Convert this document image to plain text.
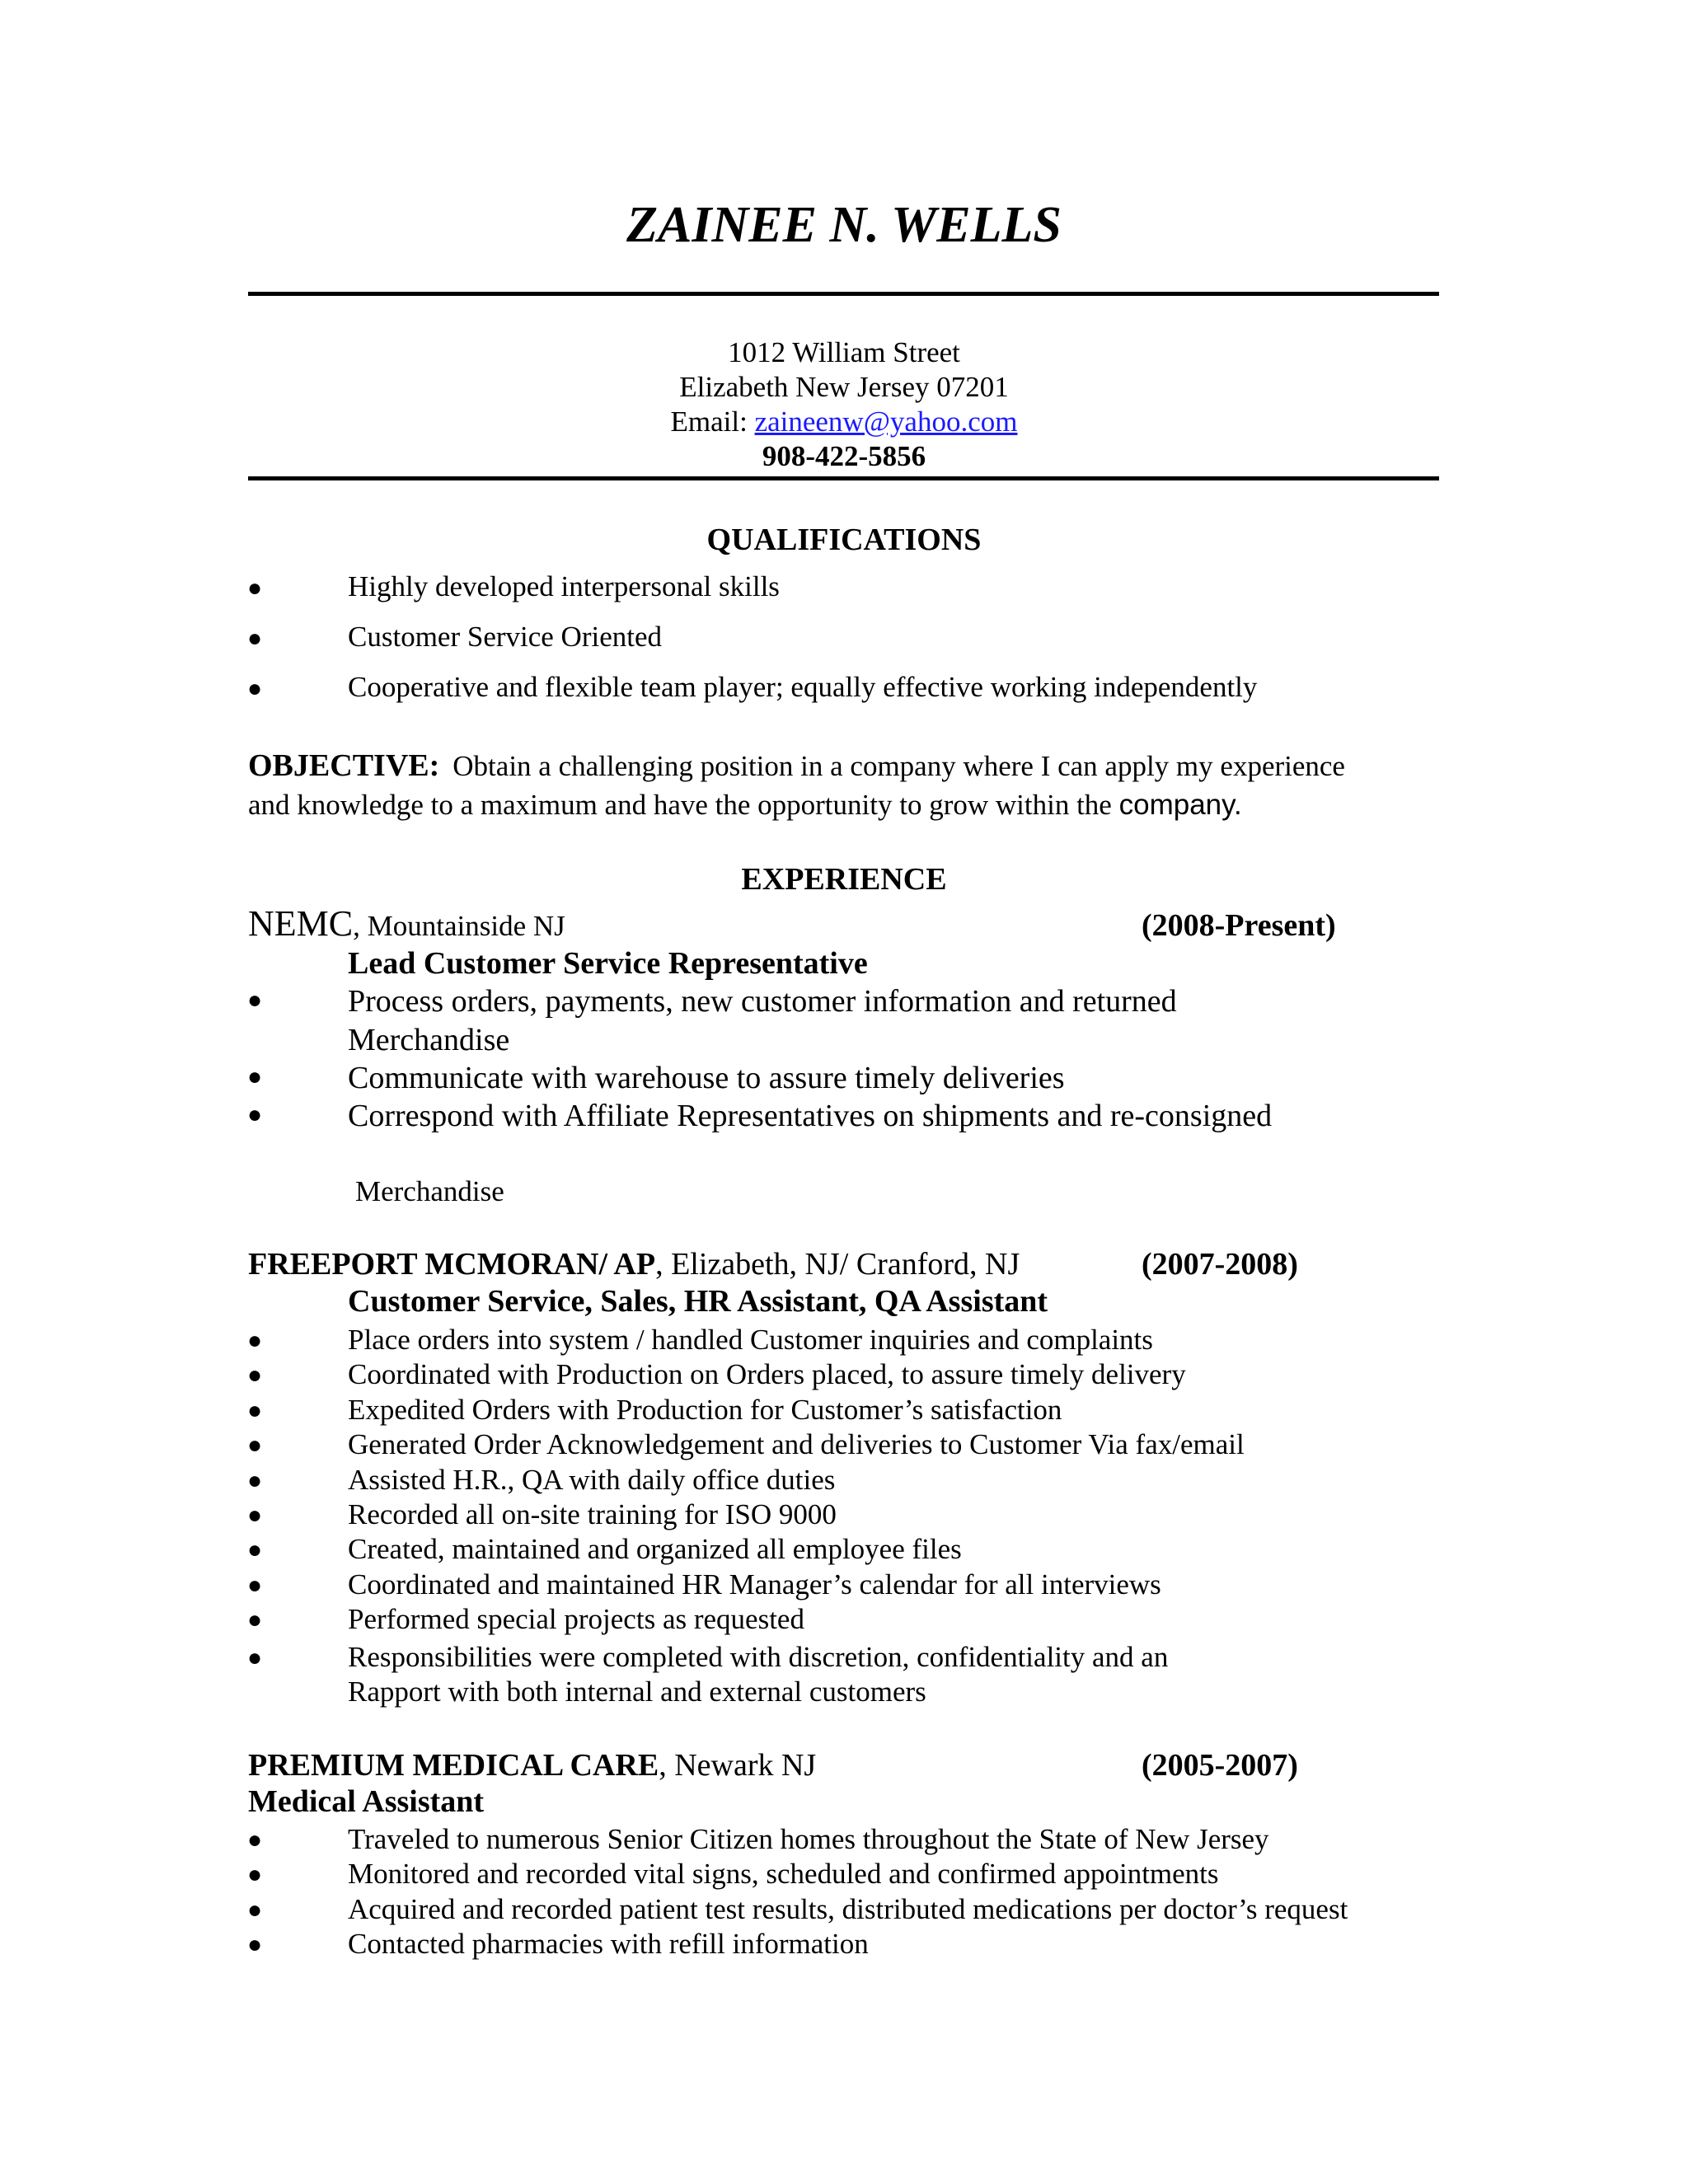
ZAINEE N. WELLS
1012 William Street
Elizabeth New Jersey 07201
Email: zaineenw@yahoo.com
908-422-5856
QUALIFICATIONS
●	Highly developed interpersonal skills
●	Customer Service Oriented
●	Cooperative and flexible team player; equally effective working independently
OBJECTIVE: Obtain a challenging position in a company where I can apply my experience
and knowledge to a maximum and have the opportunity to grow within the company.
EXPERIENCE
NEMC, Mountainside NJ	(2008-Present)
Lead Customer Service Representative
●	Process orders, payments, new customer information and returned
Merchandise
●	Communicate with warehouse to assure timely deliveries
●	Correspond with Affiliate Representatives on shipments and re-consigned
Merchandise
FREEPORT MCMORAN/ AP, Elizabeth, NJ/ Cranford, NJ	(2007-2008)
Customer Service, Sales, HR Assistant, QA Assistant
●	Place orders into system / handled Customer inquiries and complaints
●	Coordinated with Production on Orders placed, to assure timely delivery
●	Expedited Orders with Production for Customer’s satisfaction
●	Generated Order Acknowledgement and deliveries to Customer Via fax/email
●	Assisted H.R., QA with daily office duties
●	Recorded all on-site training for ISO 9000
●	Created, maintained and organized all employee files
●	Coordinated and maintained HR Manager’s calendar for all interviews
●	Performed special projects as requested
●	Responsibilities were completed with discretion, confidentiality and an
Rapport with both internal and external customers
PREMIUM MEDICAL CARE, Newark NJ	(2005-2007)
Medical Assistant
●	Traveled to numerous Senior Citizen homes throughout the State of New Jersey
●	Monitored and recorded vital signs, scheduled and confirmed appointments
●	Acquired and recorded patient test results, distributed medications per doctor’s request
●	Contacted pharmacies with refill information
